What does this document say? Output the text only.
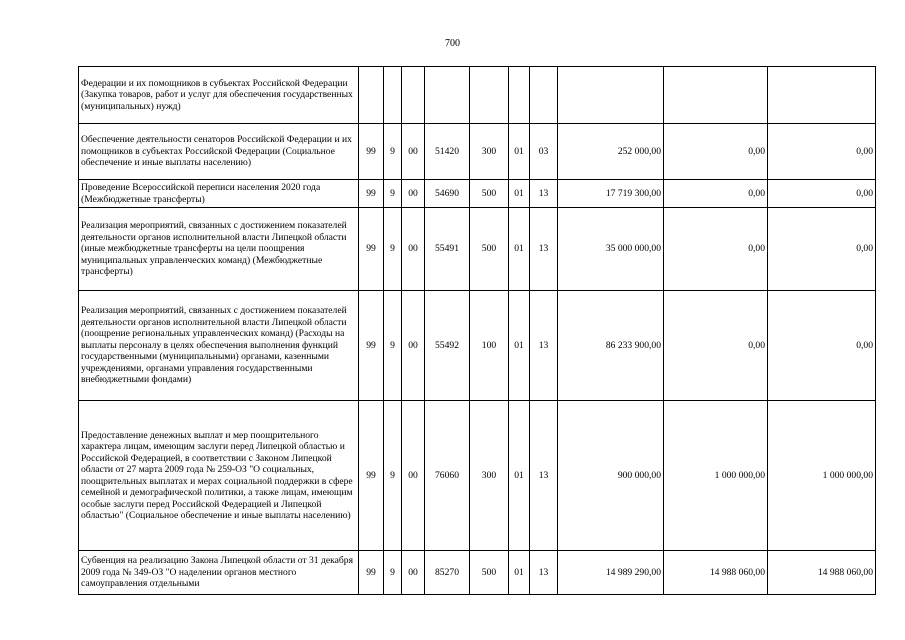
700
Федерации и их помощников в субъектах Российской Федерации (Закупка товаров, работ и услуг для обеспечения государственных (муниципальных) нужд)										
Обеспечение деятельности сенаторов Российской Федерации и их помощников в субъектах Российской Федерации (Социальное обеспечение и иные выплаты населению)	99	9	00	51420	300	01	03	252 000,00	0,00	0,00
Проведение Всероссийской переписи населения 2020 года (Межбюджетные трансферты)	99	9	00	54690	500	01	13	17 719 300,00	0,00	0,00
Реализация мероприятий, связанных с достижением показателей деятельности органов исполнительной власти Липецкой области (иные межбюджетные трансферты на цели поощрения муниципальных управленческих команд) (Межбюджетные трансферты)	99	9	00	55491	500	01	13	35 000 000,00	0,00	0,00
Реализация мероприятий, связанных с достижением показателей деятельности органов исполнительной власти Липецкой области (поощрение региональных управленческих команд) (Расходы на выплаты персоналу в целях обеспечения выполнения функций государственными (муниципальными) органами, казенными учреждениями, органами управления государственными внебюджетными фондами)	99	9	00	55492	100	01	13	86 233 900,00	0,00	0,00
Предоставление денежных выплат и мер поощрительного характера лицам, имеющим заслуги перед Липецкой областью и Российской Федерацией, в соответствии с Законом Липецкой области от 27 марта 2009 года № 259-ОЗ "О социальных, поощрительных выплатах и мерах социальной поддержки в сфере семейной и демографической политики, а также лицам, имеющим особые заслуги перед Российской Федерацией и Липецкой областью" (Социальное обеспечение и иные выплаты населению)	99	9	00	76060	300	01	13	900 000,00	1 000 000,00	1 000 000,00
Субвенция на реализацию Закона Липецкой области от 31 декабря 2009 года № 349-ОЗ "О наделении органов местного самоуправления отдельными	99	9	00	85270	500	01	13	14 989 290,00	14 988 060,00	14 988 060,00
